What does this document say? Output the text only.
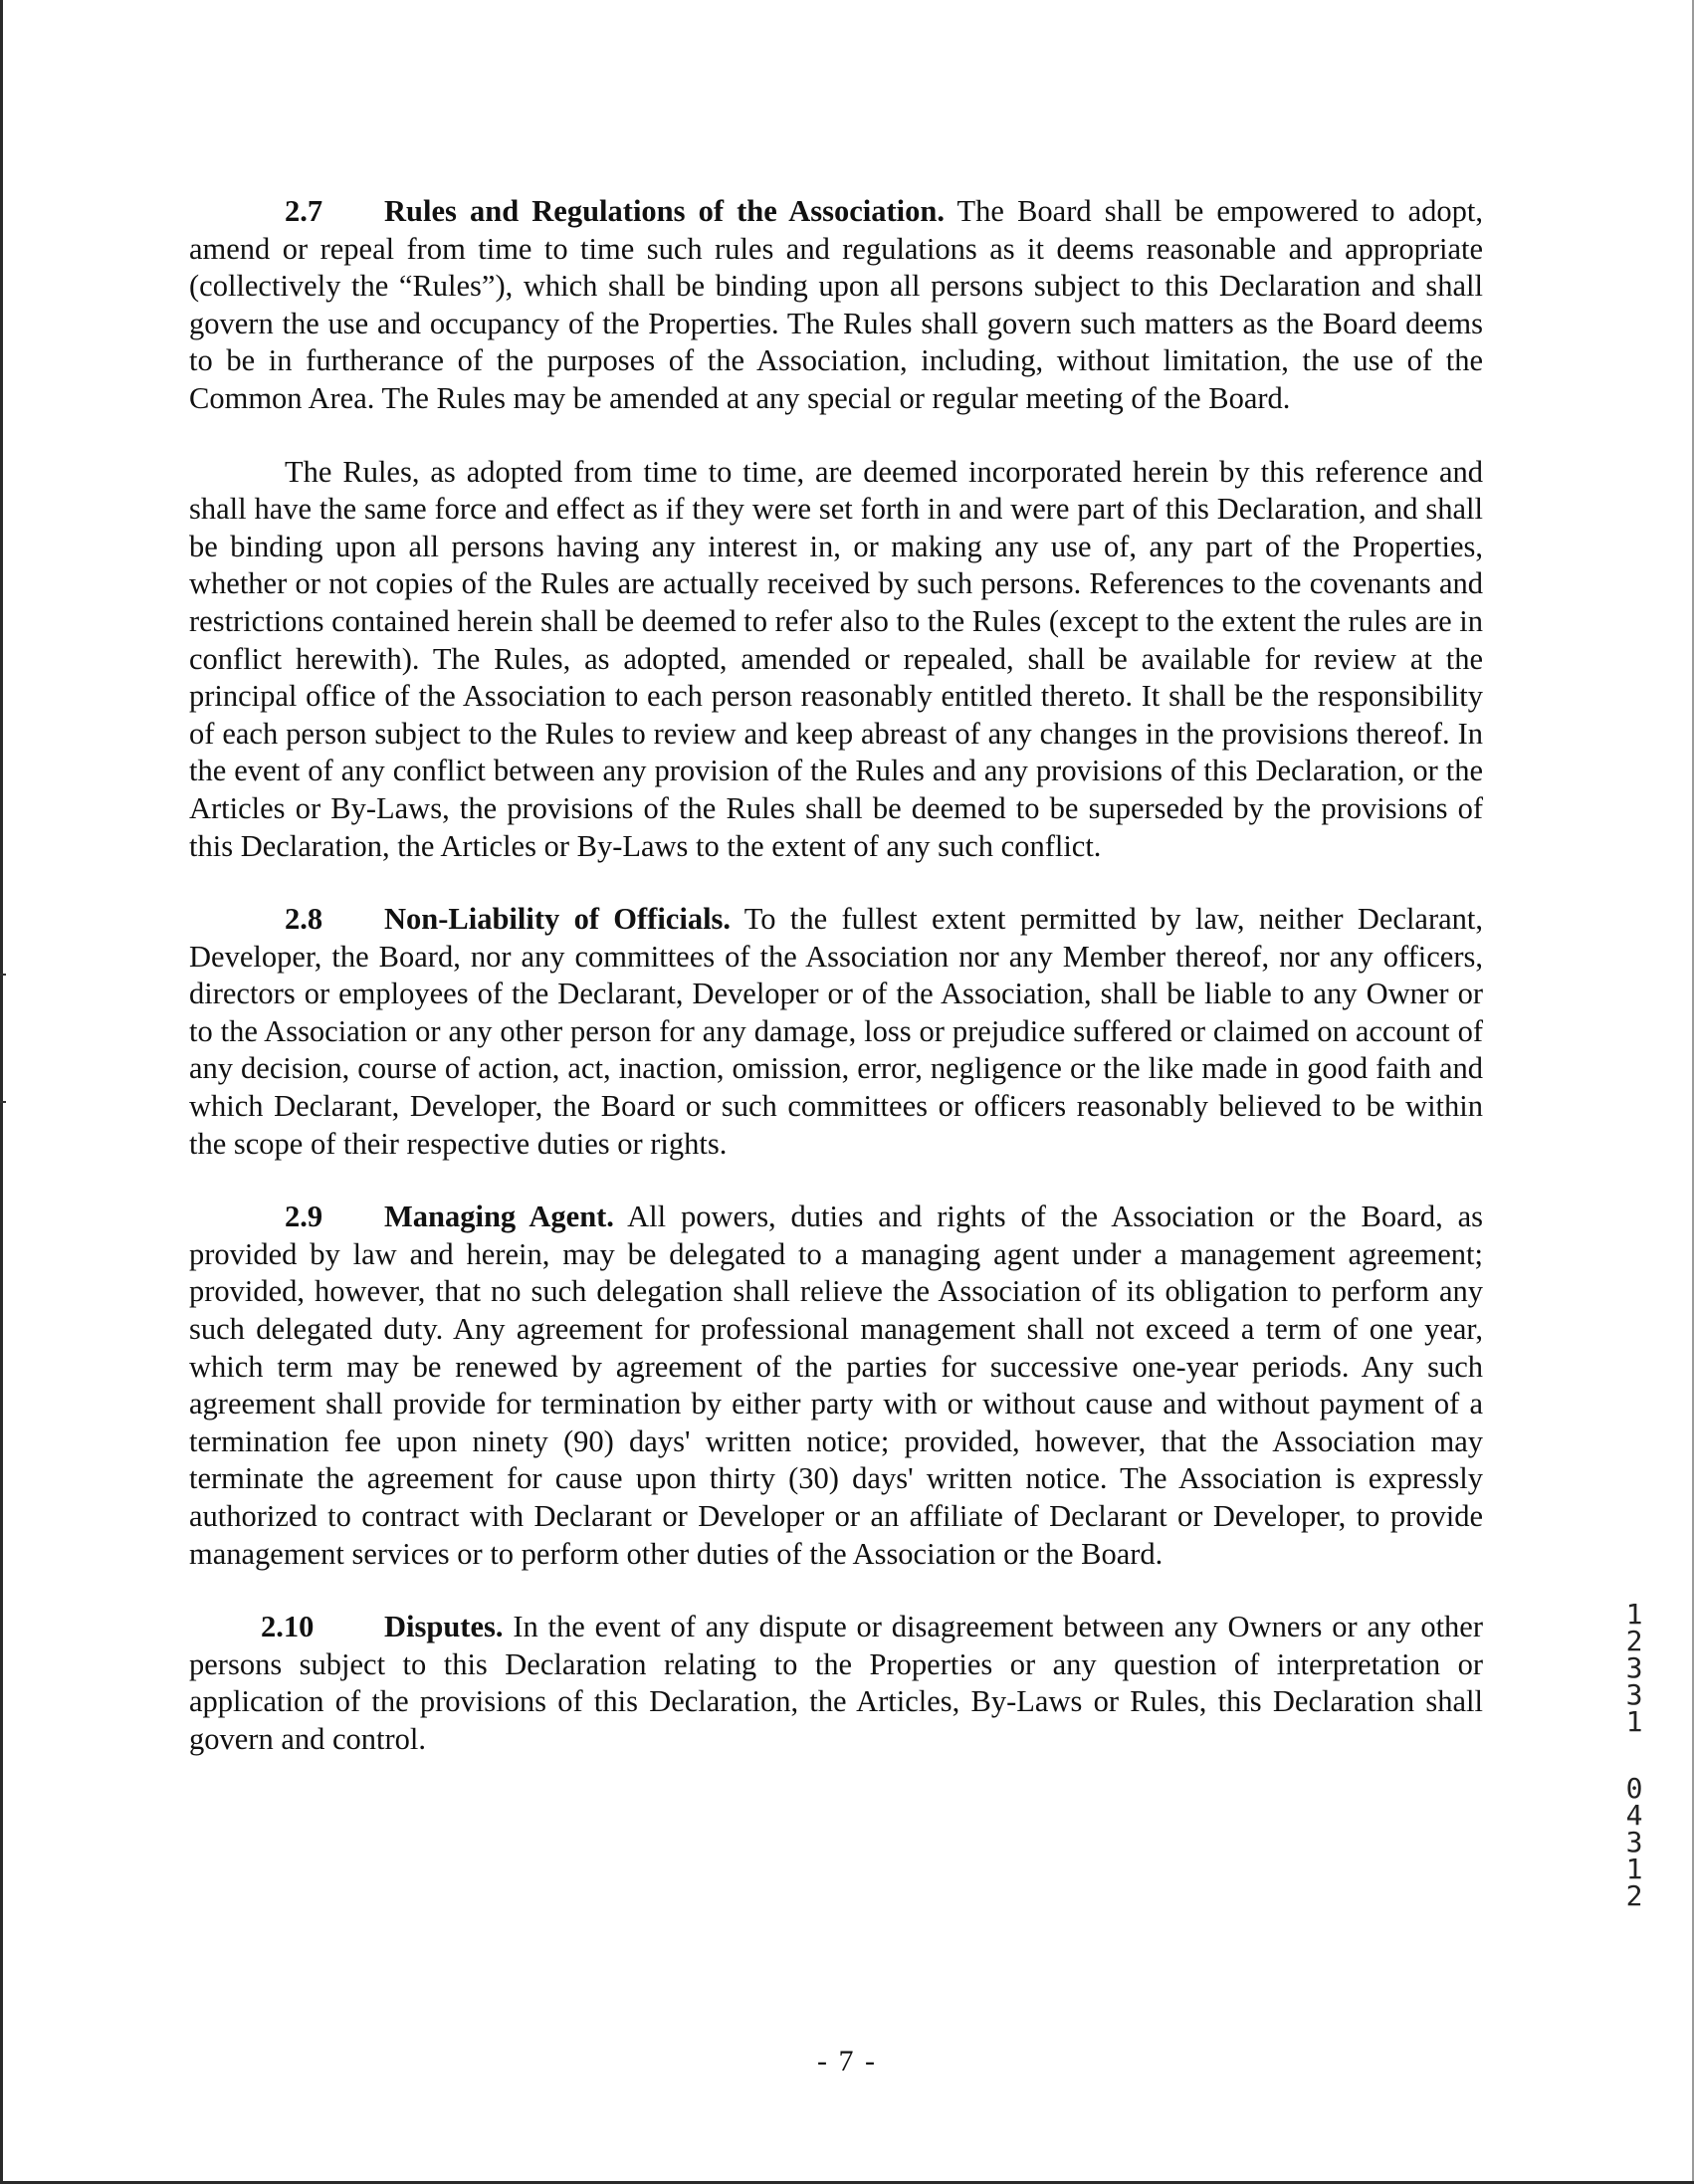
2.7 Rules and Regulations of the Association. The Board shall be empowered to adopt, amend or repeal from time to time such rules and regulations as it deems reasonable and appropriate (collectively the “Rules”), which shall be binding upon all persons subject to this Declaration and shall govern the use and occupancy of the Properties. The Rules shall govern such matters as the Board deems to be in furtherance of the purposes of the Association, including, without limitation, the use of the Common Area. The Rules may be amended at any special or regular meeting of the Board.

The Rules, as adopted from time to time, are deemed incorporated herein by this reference and shall have the same force and effect as if they were set forth in and were part of this Declaration, and shall be binding upon all persons having any interest in, or making any use of, any part of the Properties, whether or not copies of the Rules are actually received by such persons. References to the covenants and restrictions contained herein shall be deemed to refer also to the Rules (except to the extent the rules are in conflict herewith). The Rules, as adopted, amended or repealed, shall be available for review at the principal office of the Association to each person reasonably entitled thereto. It shall be the responsibility of each person subject to the Rules to review and keep abreast of any changes in the provisions thereof. In the event of any conflict between any provision of the Rules and any provisions of this Declaration, or the Articles or By-Laws, the provisions of the Rules shall be deemed to be superseded by the provisions of this Declaration, the Articles or By-Laws to the extent of any such conflict.

2.8 Non-Liability of Officials. To the fullest extent permitted by law, neither Declarant, Developer, the Board, nor any committees of the Association nor any Member thereof, nor any officers, directors or employees of the Declarant, Developer or of the Association, shall be liable to any Owner or to the Association or any other person for any damage, loss or prejudice suffered or claimed on account of any decision, course of action, act, inaction, omission, error, negligence or the like made in good faith and which Declarant, Developer, the Board or such committees or officers reasonably believed to be within the scope of their respective duties or rights.

2.9 Managing Agent. All powers, duties and rights of the Association or the Board, as provided by law and herein, may be delegated to a managing agent under a management agreement; provided, however, that no such delegation shall relieve the Association of its obligation to perform any such delegated duty. Any agreement for professional management shall not exceed a term of one year, which term may be renewed by agreement of the parties for successive one-year periods. Any such agreement shall provide for termination by either party with or without cause and without payment of a termination fee upon ninety (90) days' written notice; provided, however, that the Association may terminate the agreement for cause upon thirty (30) days' written notice. The Association is expressly authorized to contract with Declarant or Developer or an affiliate of Declarant or Developer, to provide management services or to perform other duties of the Association or the Board.

2.10 Disputes. In the event of any dispute or disagreement between any Owners or any other persons subject to this Declaration relating to the Properties or any question of interpretation or application of the provisions of this Declaration, the Articles, By-Laws or Rules, this Declaration shall govern and control.

1
2
3
3
1
0
4
3
1
2
- 7 -
